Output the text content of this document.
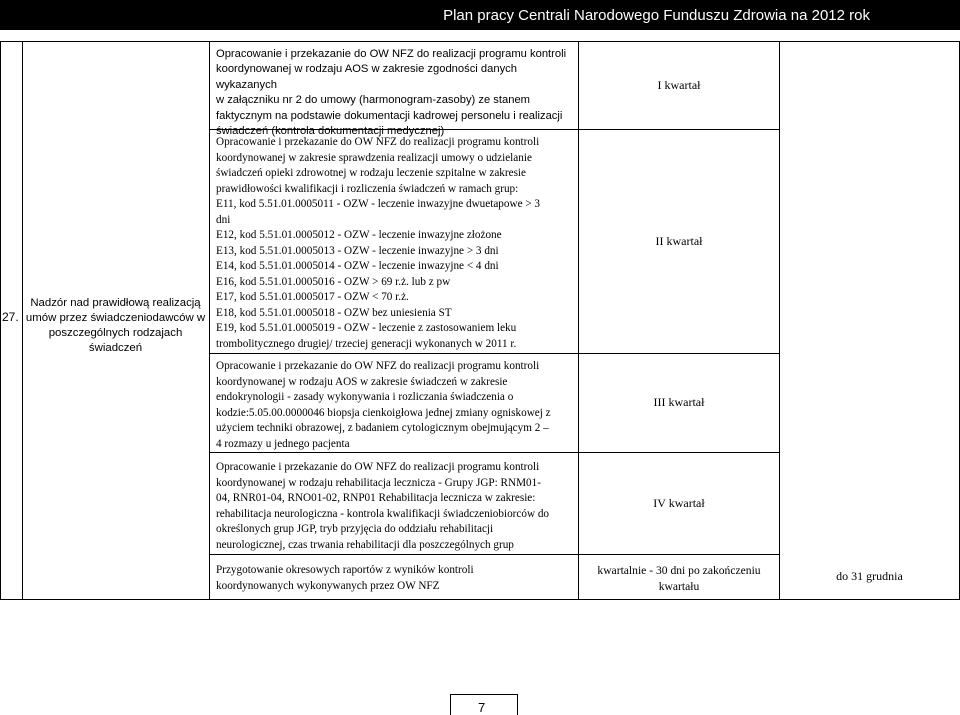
Plan pracy Centrali Narodowego Funduszu Zdrowia na 2012 rok
27.
Nadzór nad prawidłową realizacją umów przez świadczeniodawców w poszczególnych rodzajach świadczeń
Opracowanie i przekazanie do OW NFZ do realizacji programu kontroli
koordynowanej w rodzaju AOS w zakresie zgodności danych wykazanych
w załączniku nr 2 do umowy (harmonogram-zasoby) ze stanem
faktycznym na podstawie dokumentacji kadrowej personelu i realizacji
świadczeń (kontrola dokumentacji medycznej)
I kwartał
Opracowanie i przekazanie do OW NFZ do realizacji programu kontroli
koordynowanej w zakresie sprawdzenia realizacji umowy o udzielanie
świadczeń opieki zdrowotnej w rodzaju leczenie szpitalne w zakresie
prawidłowości kwalifikacji i rozliczenia świadczeń w ramach grup:
E11, kod 5.51.01.0005011 - OZW - leczenie inwazyjne dwuetapowe > 3
dni
E12, kod 5.51.01.0005012 - OZW - leczenie inwazyjne złożone
E13, kod 5.51.01.0005013 - OZW - leczenie inwazyjne > 3 dni
E14, kod 5.51.01.0005014 - OZW - leczenie inwazyjne < 4 dni
E16, kod 5.51.01.0005016 - OZW > 69 r.ż. lub z pw
E17, kod 5.51.01.0005017 - OZW < 70 r.ż.
E18, kod 5.51.01.0005018 - OZW bez uniesienia ST
E19, kod 5.51.01.0005019 - OZW - leczenie z zastosowaniem leku
trombolitycznego drugiej/ trzeciej generacji wykonanych w 2011 r.
II kwartał
Opracowanie i przekazanie do OW NFZ do realizacji programu kontroli
koordynowanej w rodzaju AOS w zakresie świadczeń w zakresie
endokrynologii - zasady wykonywania i rozliczania świadczenia o
kodzie:5.05.00.0000046 biopsja cienkoigłowa jednej zmiany ogniskowej z
użyciem techniki obrazowej, z badaniem cytologicznym obejmującym 2 –
4 rozmazy u jednego pacjenta
III kwartał
Opracowanie i przekazanie do OW NFZ do realizacji programu kontroli
koordynowanej w rodzaju rehabilitacja lecznicza - Grupy JGP: RNM01-
04, RNR01-04, RNO01-02, RNP01 Rehabilitacja lecznicza w zakresie:
rehabilitacja neurologiczna - kontrola kwalifikacji świadczeniobiorców do
określonych grup JGP, tryb przyjęcia do oddziału rehabilitacji
neurologicznej, czas trwania rehabilitacji dla poszczególnych grup
IV kwartał
Przygotowanie okresowych raportów z wyników kontroli
koordynowanych wykonywanych przez OW NFZ
kwartalnie - 30 dni po zakończeniu
kwartału
do 31 grudnia
7
